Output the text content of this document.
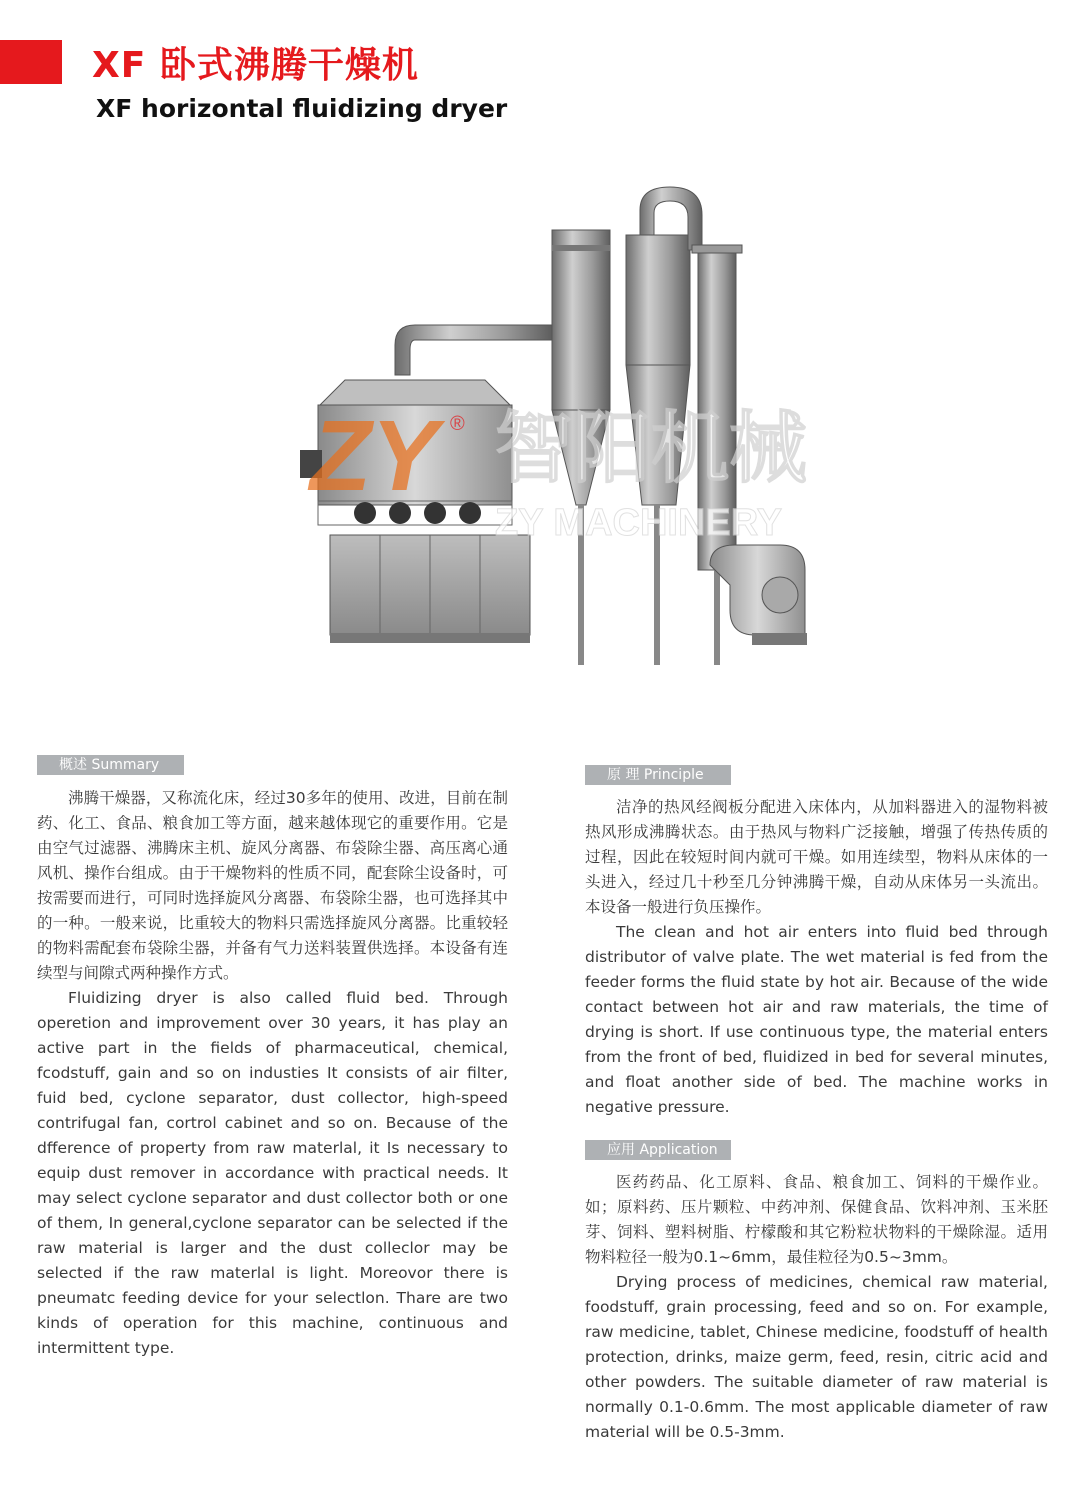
XF 卧式沸腾干燥机
XF horizontal fluidizing dryer
ZY ® 智阳机械
ZY MACHINERY
概述 Summary

沸腾干燥器，又称流化床，经过30多年的使用、改进，目前在制药、化工、食品、粮食加工等方面，越来越体现它的重要作用。它是由空气过滤器、沸腾床主机、旋风分离器、布袋除尘器、高压离心通风机、操作台组成。由于干燥物料的性质不同，配套除尘设备时，可按需要而进行，可同时选择旋风分离器、布袋除尘器，也可选择其中的一种。一般来说，比重较大的物料只需选择旋风分离器。比重较轻的物料需配套布袋除尘器，并备有气力送料装置供选择。本设备有连续型与间隙式两种操作方式。

Fluidizing dryer is also called fluid bed. Through operetion and improvement over 30 years, it has play an active part in the fields of pharmaceutical, chemical, fcodstuff, gain and so on industies It consists of air filter, fuid bed, cyclone separator, dust collector, high-speed contrifugal fan, cortrol cabinet and so on. Because of the dfference of property from raw materlal, it Is necessary to equip dust remover in accordance with practical needs. It may select cyclone separator and dust collector both or one of them, In general,cyclone separator can be selected if the raw material is larger and the dust colleclor may be selected if the raw materlal is light. Moreovor there is pneumatc feeding device for your selectlon. Thare are two kinds of operation for this machine, continuous and intermittent type.

原 理 Principle

洁净的热风经阀板分配进入床体内，从加料器进入的湿物料被热风形成沸腾状态。由于热风与物料广泛接触，增强了传热传质的过程，因此在较短时间内就可干燥。如用连续型，物料从床体的一头进入，经过几十秒至几分钟沸腾干燥，自动从床体另一头流出。本设备一般进行负压操作。

The clean and hot air enters into fluid bed through distributor of valve plate. The wet material is fed from the feeder forms the fluid state by hot air. Because of the wide contact between hot air and raw materials, the time of drying is short. If use continuous type, the material enters from the front of bed, fluidized in bed for several minutes, and float another side of bed. The machine works in negative pressure.

应用 Application

医药药品、化工原料、食品、粮食加工、饲料的干燥作业。如；原料药、压片颗粒、中药冲剂、保健食品、饮料冲剂、玉米胚芽、饲料、塑料树脂、柠檬酸和其它粉粒状物料的干燥除湿。适用物料粒径一般为0.1~6mm，最佳粒径为0.5~3mm。

Drying process of medicines, chemical raw material, foodstuff, grain processing, feed and so on. For example, raw medicine, tablet, Chinese medicine, foodstuff of health protection, drinks, maize germ, feed, resin, citric acid and other powders. The suitable diameter of raw material is normally 0.1-0.6mm. The most applicable diameter of raw material will be 0.5-3mm.
